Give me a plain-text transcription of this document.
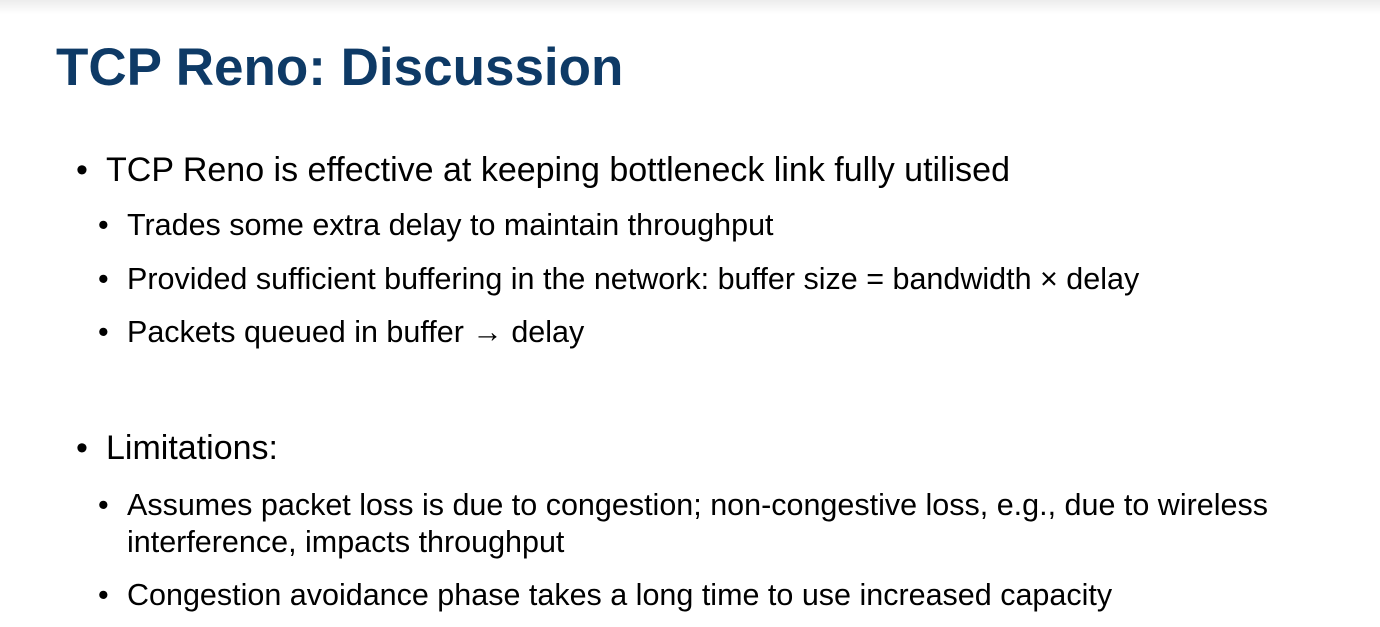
TCP Reno: Discussion
• TCP Reno is effective at keeping bottleneck link fully utilised
• Trades some extra delay to maintain throughput
• Provided sufficient buffering in the network: buffer size = bandwidth × delay
• Packets queued in buffer → delay
• Limitations:
• Assumes packet loss is due to congestion; non-congestive loss, e.g., due to wireless interference, impacts throughput
• Congestion avoidance phase takes a long time to use increased capacity
